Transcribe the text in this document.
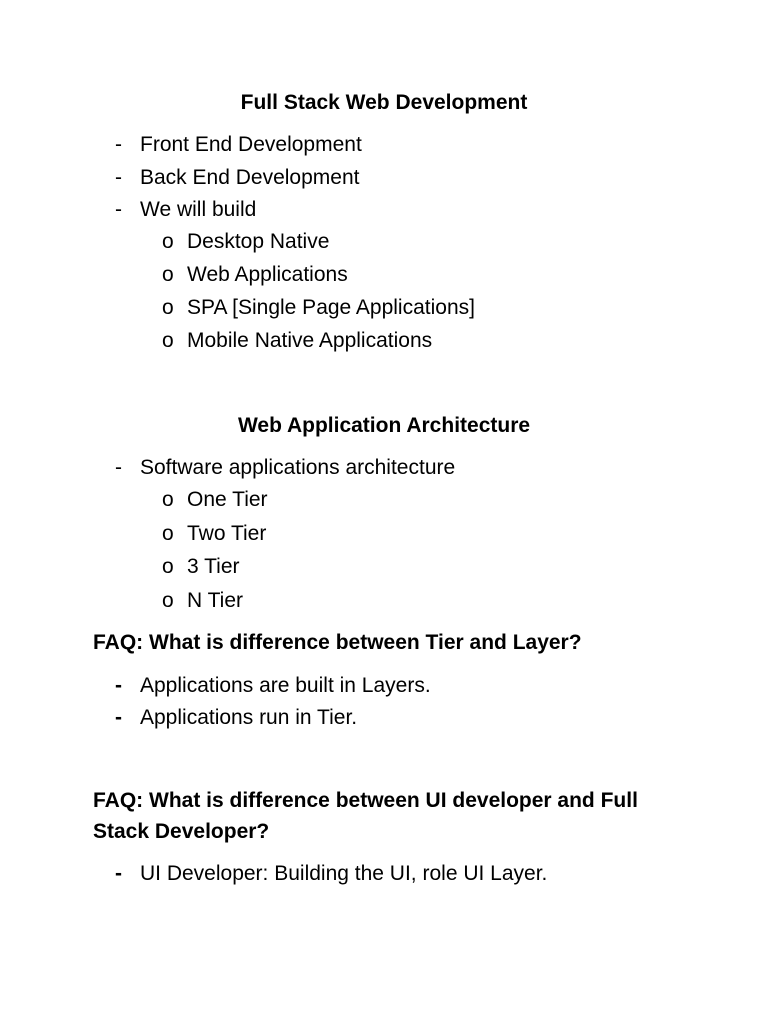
Full Stack Web Development
- Front End Development
- Back End Development
- We will build
o Desktop Native
o Web Applications
o SPA [Single Page Applications]
o Mobile Native Applications
Web Application Architecture
- Software applications architecture
o One Tier
o Two Tier
o 3 Tier
o N Tier
FAQ: What is difference between Tier and Layer?
- Applications are built in Layers.
- Applications run in Tier.
FAQ: What is difference between UI developer and Full Stack Developer?
- UI Developer: Building the UI, role UI Layer.
